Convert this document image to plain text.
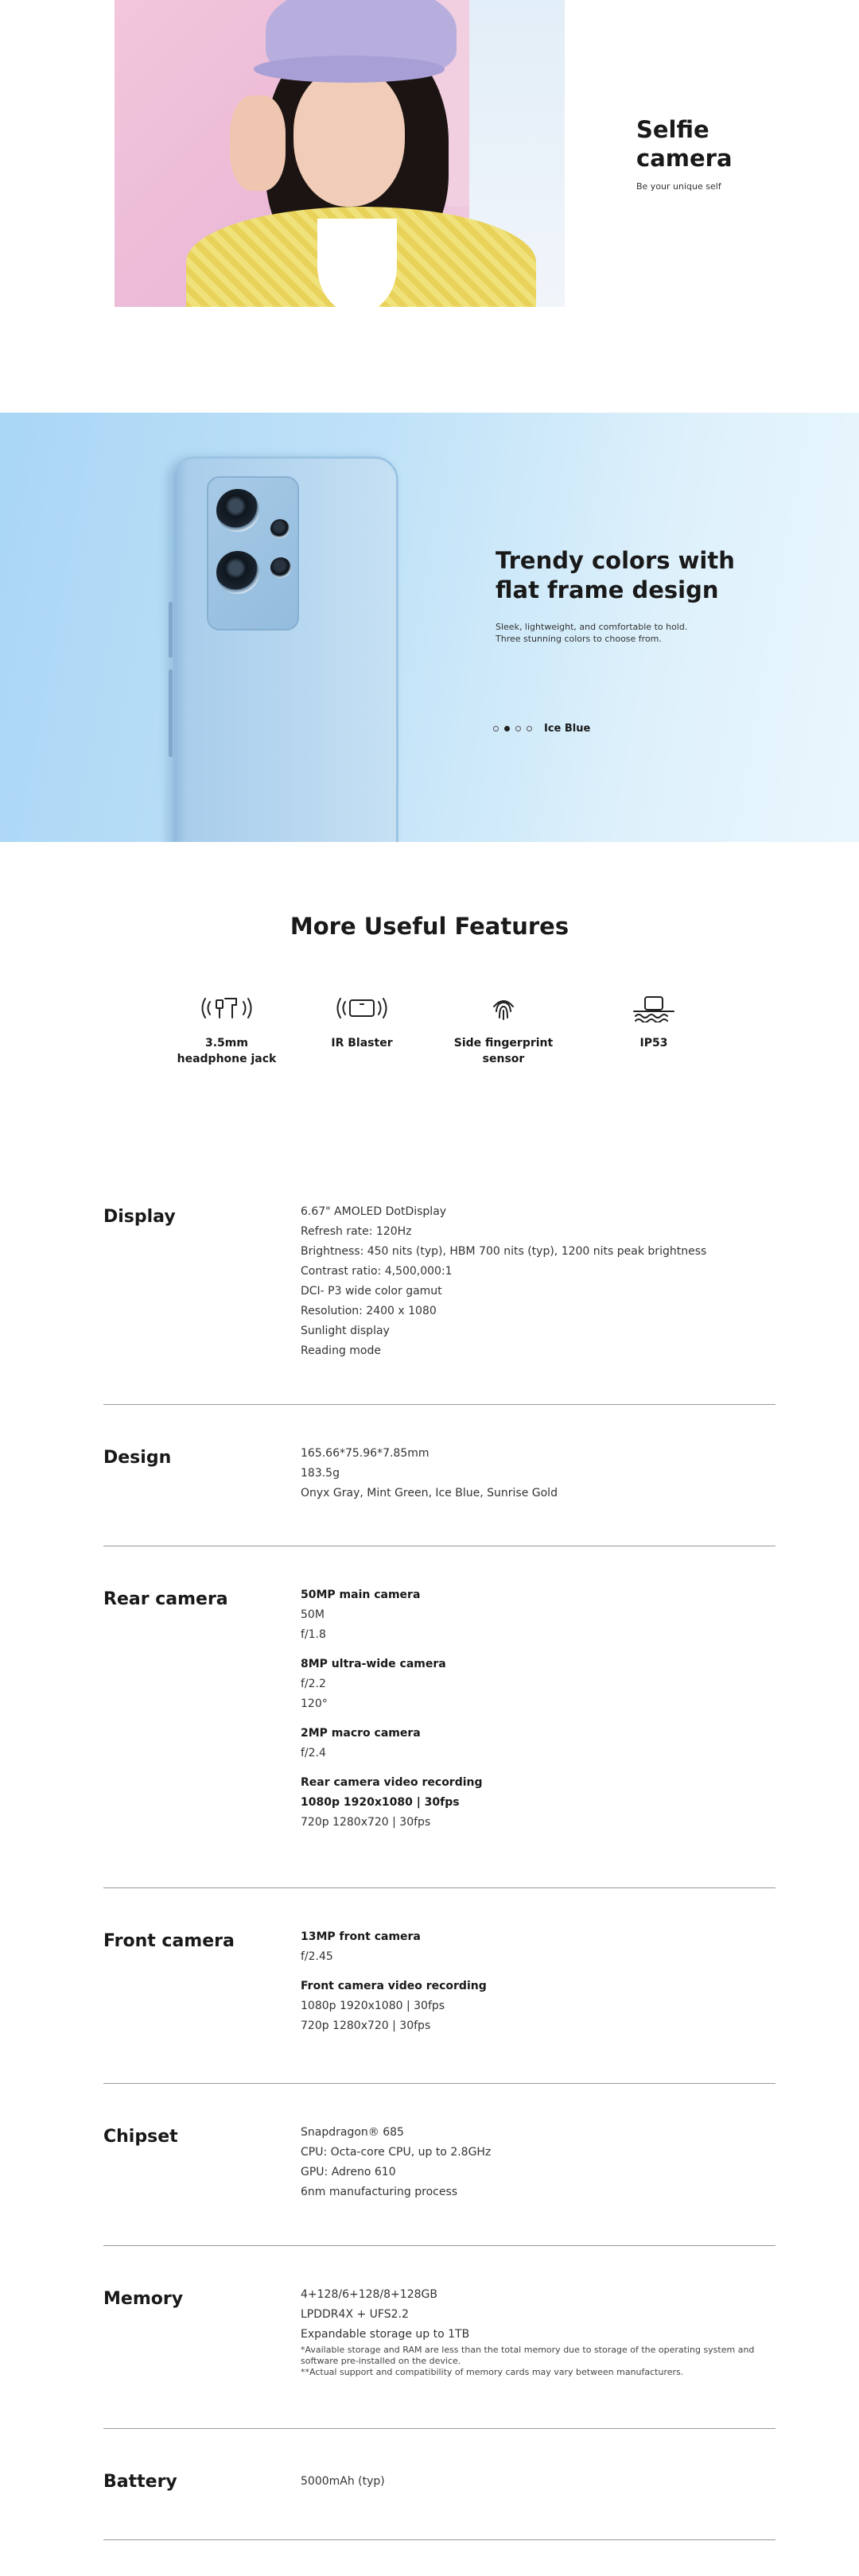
Selfie
camera
Be your unique self
Trendy colors with
flat frame design
Sleek, lightweight, and comfortable to hold. Three stunning colors to choose from.
Ice Blue
More Useful Features
3.5mm
headphone jack
IR Blaster	Side fingerprint
sensor
IP53
Display	6.67" AMOLED DotDisplay
Refresh rate: 120Hz
Brightness: 450 nits (typ), HBM 700 nits (typ), 1200 nits peak brightness
Contrast ratio: 4,500,000:1
DCI- P3 wide color gamut
Resolution: 2400 x 1080
Sunlight display
Reading mode
Design	165.66*75.96*7.85mm
183.5g
Onyx Gray, Mint Green, Ice Blue, Sunrise Gold
Rear camera	50MP main camera
50M
f/1.8
8MP ultra-wide camera
f/2.2
120°
2MP macro camera
f/2.4
Rear camera video recording
1080p 1920x1080 | 30fps
720p 1280x720 | 30fps
Front camera	13MP front camera
f/2.45
Front camera video recording
1080p 1920x1080 | 30fps
720p 1280x720 | 30fps
Chipset	Snapdragon® 685
CPU: Octa-core CPU, up to 2.8GHz
GPU: Adreno 610
6nm manufacturing process
Memory	4+128/6+128/8+128GB
LPDDR4X + UFS2.2
Expandable storage up to 1TB
*Available storage and RAM are less than the total memory due to storage of the operating system and software pre-installed on the device.
**Actual support and compatibility of memory cards may vary between manufacturers.
Battery	5000mAh (typ)
